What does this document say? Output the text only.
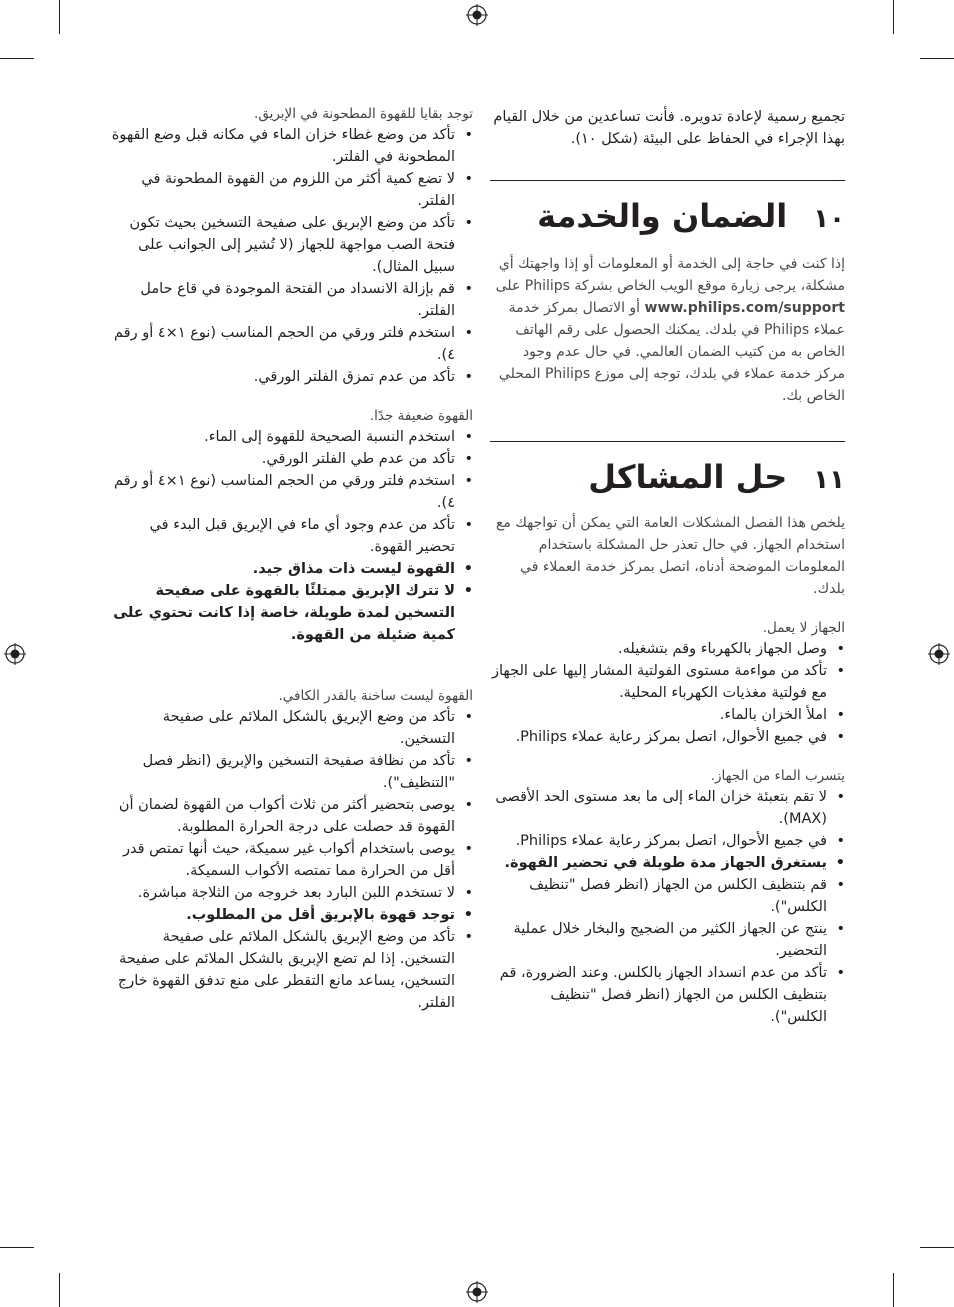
تجميع رسمية لإعادة تدويره. فأنت تساعدين من خلال القيام بهذا الإجراء في الحفاظ على البيئة (شكل ١٠).

١٠
الضمان والخدمة

إذا كنت في حاجة إلى الخدمة أو المعلومات أو إذا واجهتك أي مشكلة، يرجى زيارة موقع الويب الخاص بشركة Philips على www.philips.com/support أو الاتصال بمركز خدمة عملاء Philips في بلدك. يمكنك الحصول على رقم الهاتف الخاص به من كتيب الضمان العالمي. في حال عدم وجود مركز خدمة عملاء في بلدك، توجه إلى موزع Philips المحلي الخاص بك.

١١
حل المشاكل

يلخص هذا الفصل المشكلات العامة التي يمكن أن تواجهك مع استخدام الجهاز. في حال تعذر حل المشكلة باستخدام المعلومات الموضحة أدناه، اتصل بمركز خدمة العملاء في بلدك.

الجهاز لا يعمل.

• وصل الجهاز بالكهرباء وقم بتشغيله.
• تأكد من مواءمة مستوى الفولتية المشار إليها على الجهاز مع فولتية مغذيات الكهرباء المحلية.
• املأ الخزان بالماء.
• في جميع الأحوال، اتصل بمركز رعاية عملاء Philips.

يتسرب الماء من الجهاز.

• لا تقم بتعبئة خزان الماء إلى ما بعد مستوى الحد الأقصى (MAX).
• في جميع الأحوال، اتصل بمركز رعاية عملاء Philips.
• يستغرق الجهاز مدة طويلة في تحضير القهوة.
• قم بتنظيف الكلس من الجهاز (انظر فصل "تنظيف الكلس").
• ينتج عن الجهاز الكثير من الضجيج والبخار خلال عملية التحضير.
• تأكد من عدم انسداد الجهاز بالكلس. وعند الضرورة، قم بتنظيف الكلس من الجهاز (انظر فصل "تنظيف الكلس").

توجد بقايا للقهوة المطحونة في الإبريق.

• تأكد من وضع غطاء خزان الماء في مكانه قبل وضع القهوة المطحونة في الفلتر.
• لا تضع كمية أكثر من اللزوم من القهوة المطحونة في الفلتر.
• تأكد من وضع الإبريق على صفيحة التسخين بحيث تكون فتحة الصب مواجهة للجهاز (لا تُشير إلى الجوانب على سبيل المثال).
• قم بإزالة الانسداد من الفتحة الموجودة في قاع حامل الفلتر.
• استخدم فلتر ورقي من الحجم المناسب (نوع ١×٤ أو رقم ٤).
• تأكد من عدم تمزق الفلتر الورقي.

القهوة ضعيفة جدًا.

• استخدم النسبة الصحيحة للقهوة إلى الماء.
• تأكد من عدم طي الفلتر الورقي.
• استخدم فلتر ورقي من الحجم المناسب (نوع ١×٤ أو رقم ٤).
• تأكد من عدم وجود أي ماء في الإبريق قبل البدء في تحضير القهوة.
• القهوة ليست ذات مذاق جيد.
• لا تترك الإبريق ممتلئًا بالقهوة على صفيحة التسخين لمدة طويلة، خاصة إذا كانت تحتوي على كمية ضئيلة من القهوة.

القهوة ليست ساخنة بالقدر الكافي.

• تأكد من وضع الإبريق بالشكل الملائم على صفيحة التسخين.
• تأكد من نظافة صفيحة التسخين والإبريق (انظر فصل "التنظيف").
• يوصى بتحضير أكثر من ثلاث أكواب من القهوة لضمان أن القهوة قد حصلت على درجة الحرارة المطلوبة.
• يوصى باستخدام أكواب غير سميكة، حيث أنها تمتص قدر أقل من الحرارة مما تمتصه الأكواب السميكة.
• لا تستخدم اللبن البارد بعد خروجه من الثلاجة مباشرة.
• توجد قهوة بالإبريق أقل من المطلوب.
• تأكد من وضع الإبريق بالشكل الملائم على صفيحة التسخين. إذا لم تضع الإبريق بالشكل الملائم على صفيحة التسخين، يساعد مانع التقطر على منع تدفق القهوة خارج الفلتر.
